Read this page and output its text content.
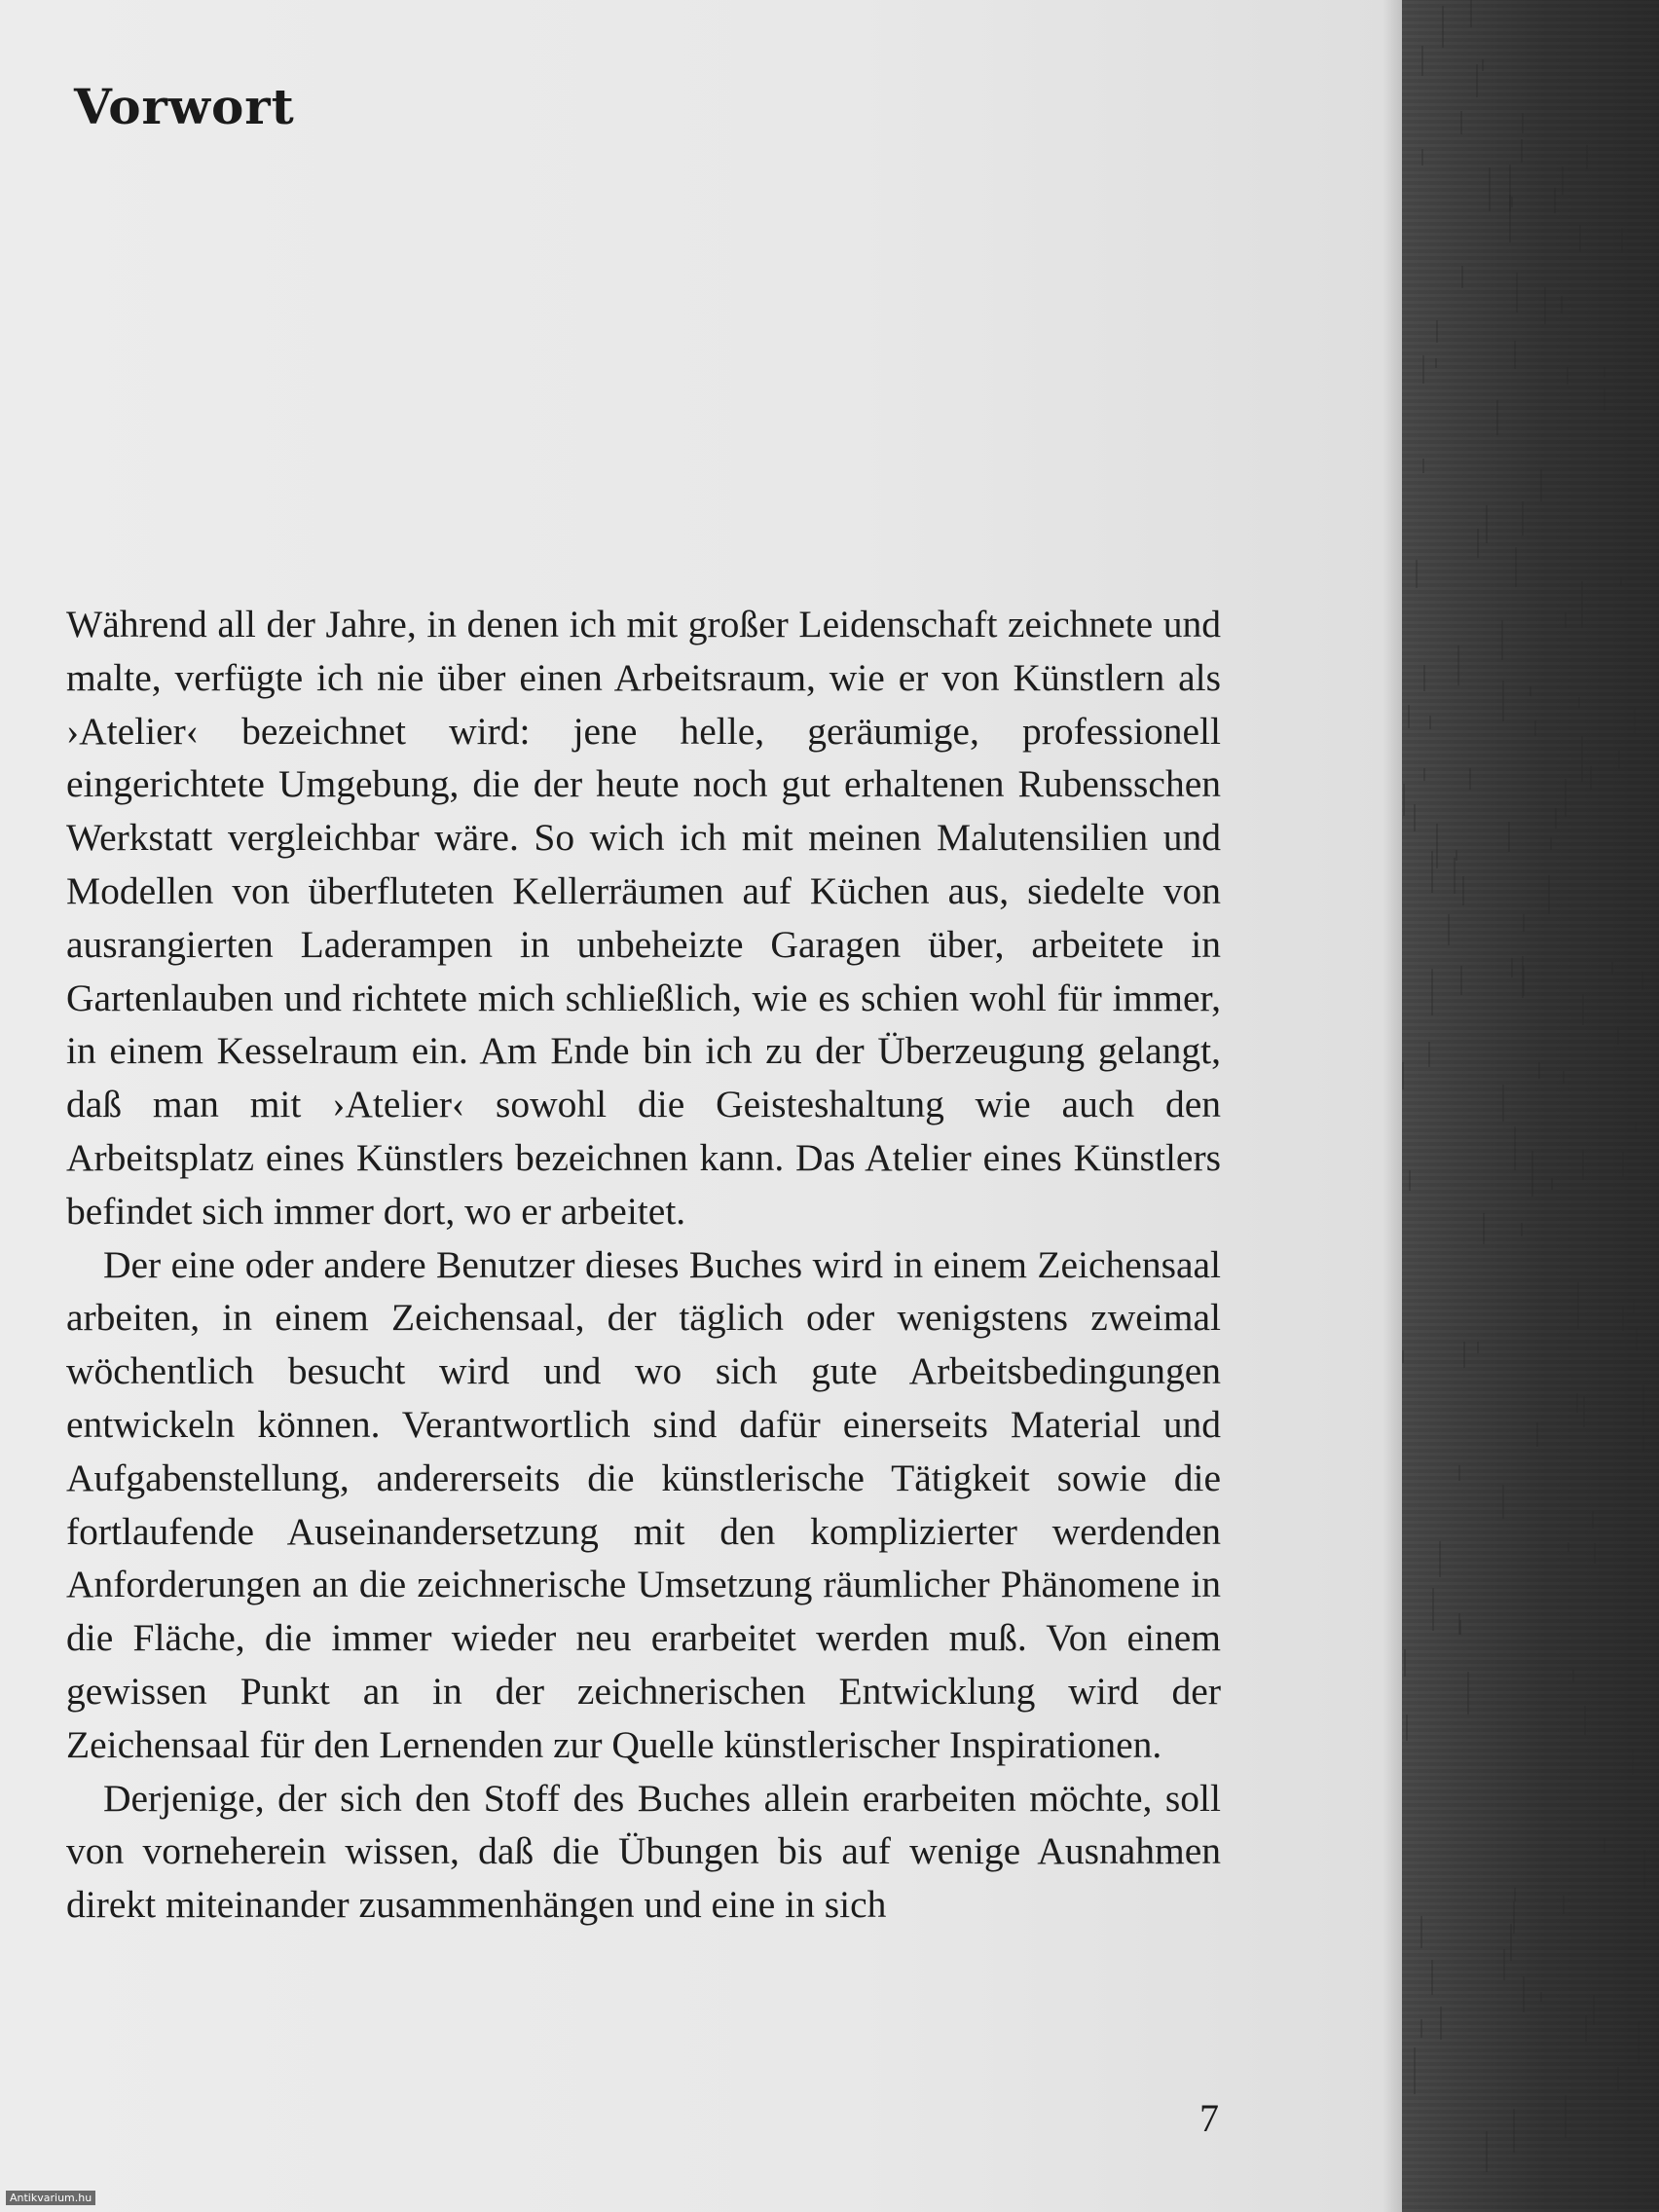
Vorwort

Während all der Jahre, in denen ich mit großer Leidenschaft zeichnete und malte, verfügte ich nie über einen Arbeitsraum, wie er von Künstlern als ›Atelier‹ bezeichnet wird: jene helle, geräumige, professionell eingerichtete Umgebung, die der heute noch gut erhaltenen Rubensschen Werkstatt vergleichbar wäre. So wich ich mit meinen Malutensilien und Modellen von überfluteten Kellerräumen auf Küchen aus, siedelte von ausrangierten Laderampen in unbeheizte Garagen über, arbeitete in Gartenlauben und richtete mich schließlich, wie es schien wohl für immer, in einem Kesselraum ein. Am Ende bin ich zu der Überzeugung gelangt, daß man mit ›Atelier‹ sowohl die Geisteshaltung wie auch den Arbeitsplatz eines Künstlers bezeichnen kann. Das Atelier eines Künstlers befindet sich immer dort, wo er arbeitet.

Der eine oder andere Benutzer dieses Buches wird in einem Zeichensaal arbeiten, in einem Zeichensaal, der täglich oder wenigstens zweimal wöchentlich besucht wird und wo sich gute Arbeitsbedingungen entwickeln können. Verantwortlich sind dafür einerseits Material und Aufgabenstellung, andererseits die künstlerische Tätigkeit sowie die fortlaufende Auseinandersetzung mit den komplizierter werdenden Anforderungen an die zeichnerische Umsetzung räumlicher Phänomene in die Fläche, die immer wieder neu erarbeitet werden muß. Von einem gewissen Punkt an in der zeichnerischen Entwicklung wird der Zeichensaal für den Lernenden zur Quelle künstlerischer Inspirationen.

Derjenige, der sich den Stoff des Buches allein erarbeiten möchte, soll von vorneherein wissen, daß die Übungen bis auf wenige Ausnahmen direkt miteinander zusammenhängen und eine in sich

7
Antikvarium.hu
